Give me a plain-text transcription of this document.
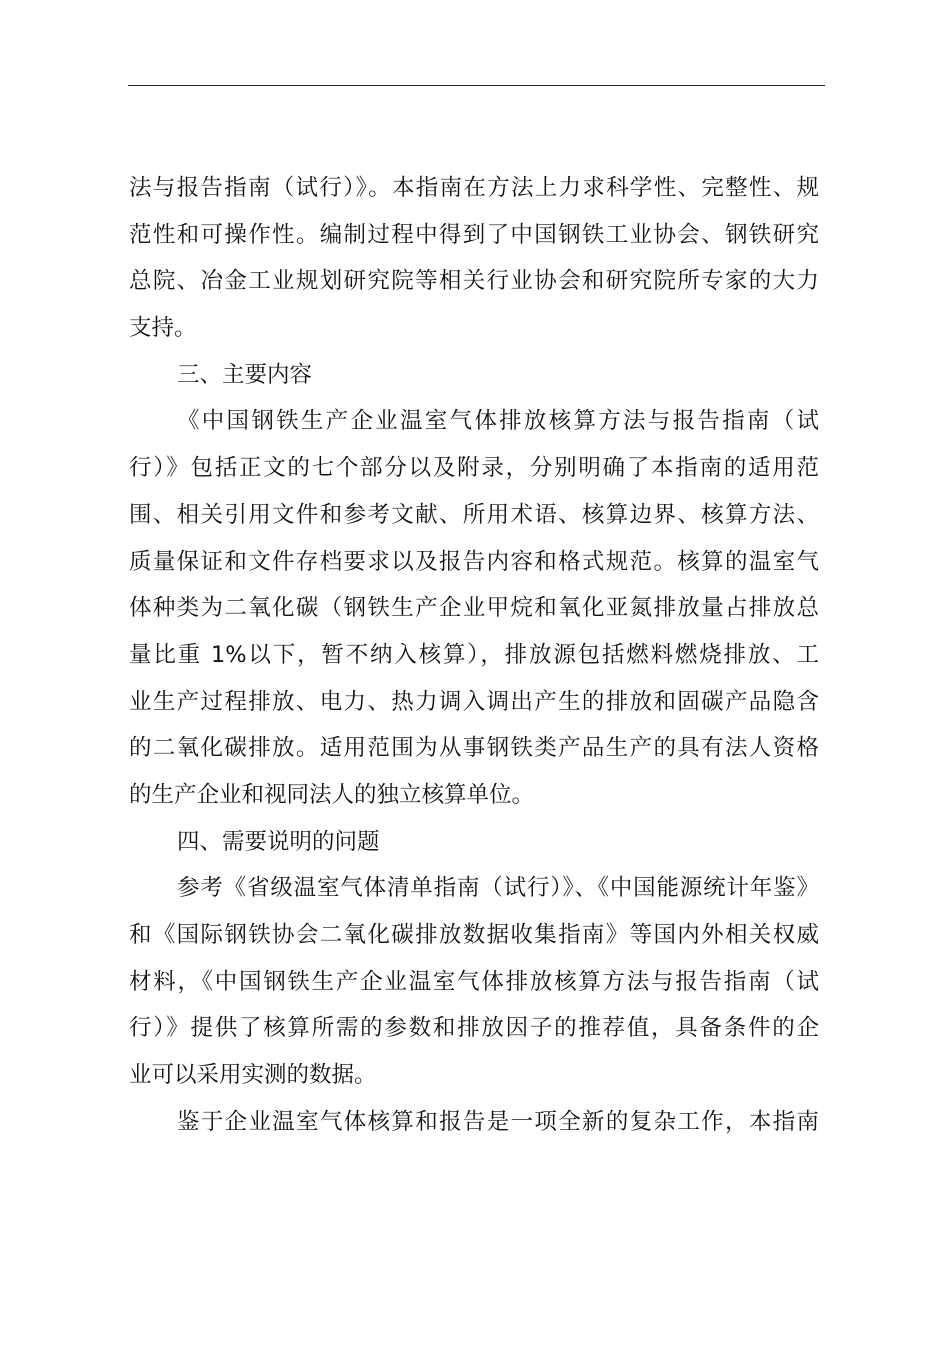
法与报告指南（试行）》。本指南在方法上力求科学性、完整性、规
范性和可操作性。编制过程中得到了中国钢铁工业协会、钢铁研究
总院、冶金工业规划研究院等相关行业协会和研究院所专家的大力
支持。
三、主要内容
《中国钢铁生产企业温室气体排放核算方法与报告指南（试
行）》包括正文的七个部分以及附录，分别明确了本指南的适用范
围、相关引用文件和参考文献、所用术语、核算边界、核算方法、
质量保证和文件存档要求以及报告内容和格式规范。核算的温室气
体种类为二氧化碳（钢铁生产企业甲烷和氧化亚氮排放量占排放总
量比重 1%以下，暂不纳入核算），排放源包括燃料燃烧排放、工
业生产过程排放、电力、热力调入调出产生的排放和固碳产品隐含
的二氧化碳排放。适用范围为从事钢铁类产品生产的具有法人资格
的生产企业和视同法人的独立核算单位。
四、需要说明的问题
参考《省级温室气体清单指南（试行）》、《中国能源统计年鉴》
和《国际钢铁协会二氧化碳排放数据收集指南》等国内外相关权威
材料，《中国钢铁生产企业温室气体排放核算方法与报告指南（试
行）》提供了核算所需的参数和排放因子的推荐值，具备条件的企
业可以采用实测的数据。
鉴于企业温室气体核算和报告是一项全新的复杂工作，本指南
